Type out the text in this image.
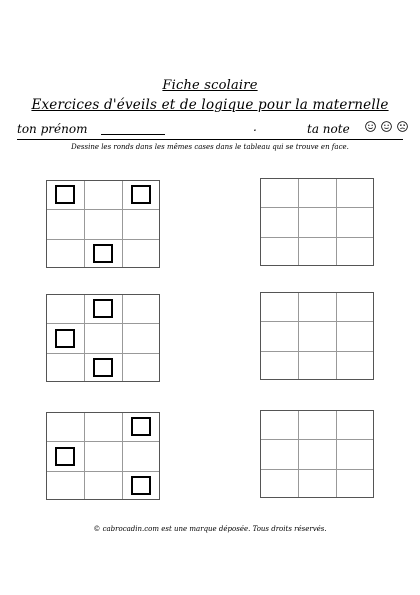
Fiche scolaire
Exercices d'éveils et de logique pour la maternelle
ton prénom	.	ta note
Dessine les ronds dans les mêmes cases dans le tableau qui se trouve en face.
© cabrocadin.com est une marque déposée. Tous droits réservés.
